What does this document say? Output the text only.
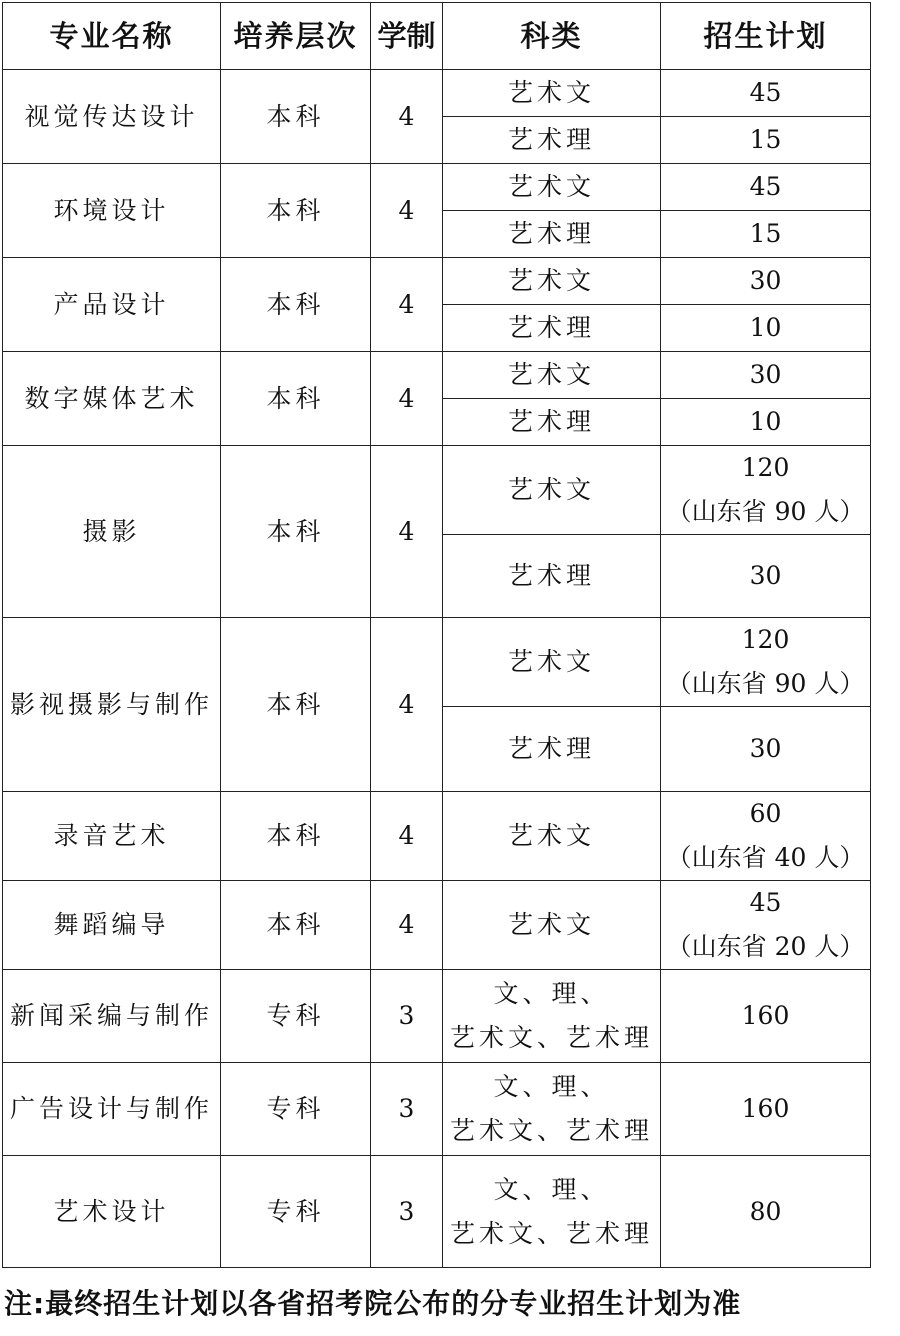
专业名称	培养层次	学制	科类	招生计划
视觉传达设计	本科	4	艺术文	45

			艺术理	15

环境设计	本科	4	艺术文	45

			艺术理	15

产品设计	本科	4	艺术文	30

			艺术理	10

数字媒体艺术	本科	4	艺术文	30

			艺术理	10

摄影	本科	4	艺术文	120
（山东省 90 人）

			艺术理	30

影视摄影与制作	本科	4	艺术文	120
（山东省 90 人）

			艺术理	30

录音艺术	本科	4	艺术文	60
（山东省 40 人）

舞蹈编导	本科	4	艺术文	45
（山东省 20 人）

新闻采编与制作	专科	3	文、理、
艺术文、艺术理	160

广告设计与制作	专科	3	文、理、
艺术文、艺术理	160

艺术设计	专科	3	文、理、
艺术文、艺术理	80
注:最终招生计划以各省招考院公布的分专业招生计划为准
